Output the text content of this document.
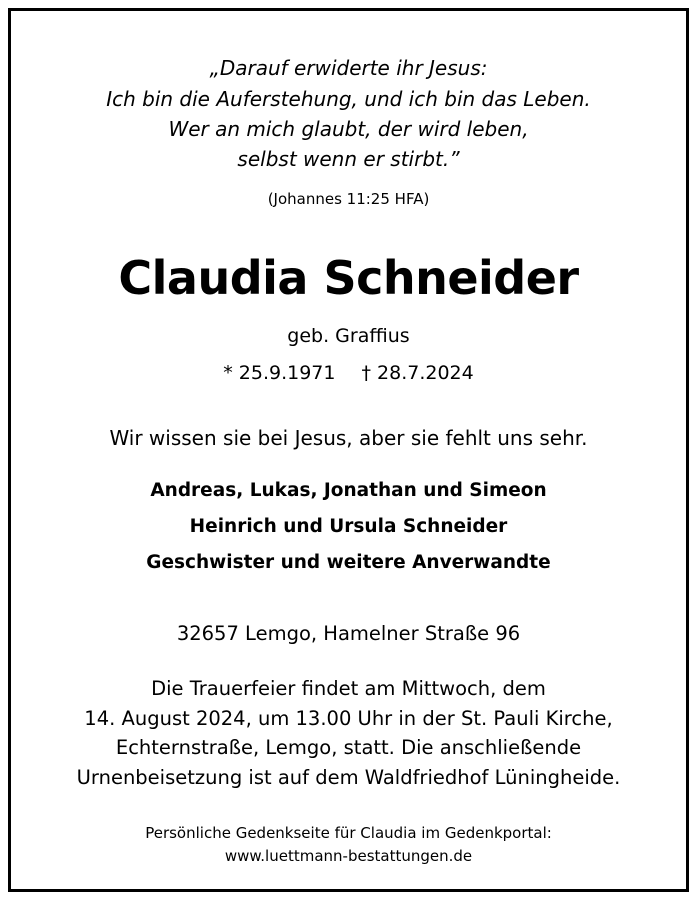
„Darauf erwiderte ihr Jesus:
Ich bin die Auferstehung, und ich bin das Leben.
Wer an mich glaubt, der wird leben,
selbst wenn er stirbt.”
(Johannes 11:25 HFA)
Claudia Schneider
geb. Graffius
* 25.9.1971 † 28.7.2024
Wir wissen sie bei Jesus, aber sie fehlt uns sehr.
Andreas, Lukas, Jonathan und Simeon
Heinrich und Ursula Schneider
Geschwister und weitere Anverwandte
32657 Lemgo, Hamelner Straße 96
Die Trauerfeier findet am Mittwoch, dem
14. August 2024, um 13.00 Uhr in der St. Pauli Kirche,
Echternstraße, Lemgo, statt. Die anschließende
Urnenbeisetzung ist auf dem Waldfriedhof Lüningheide.
Persönliche Gedenkseite für Claudia im Gedenkportal:
www.luettmann-bestattungen.de
